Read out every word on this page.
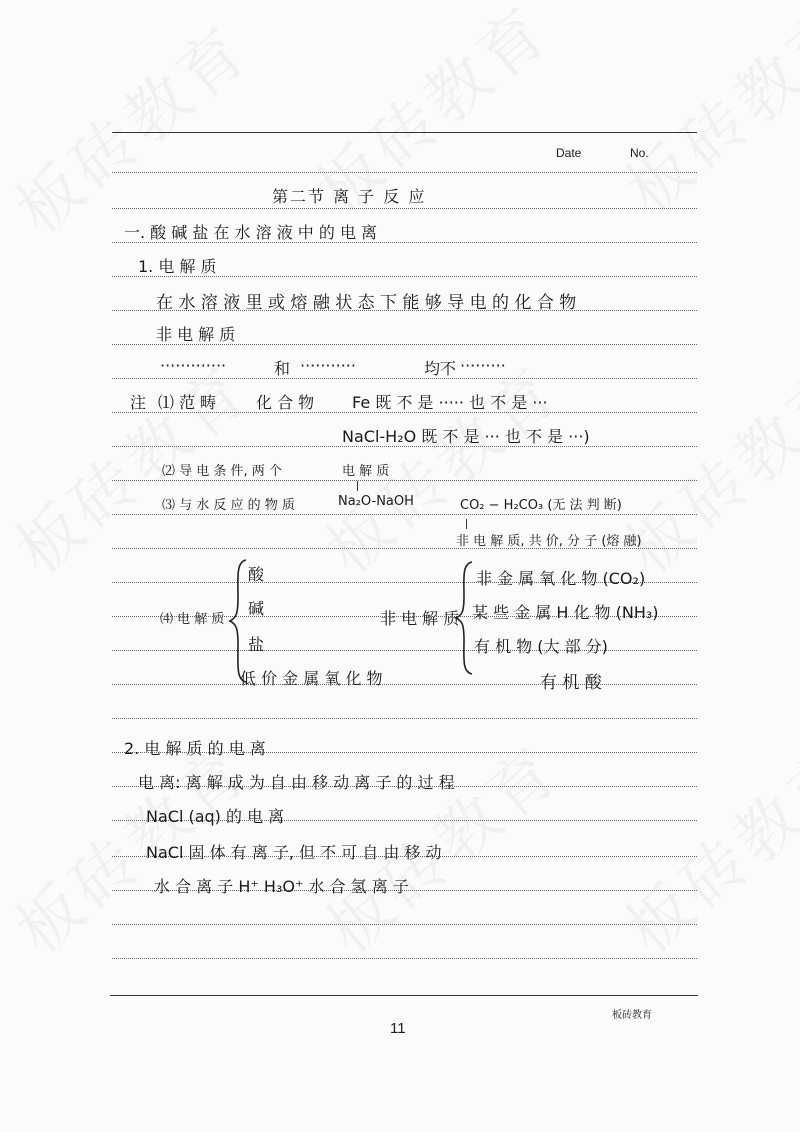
Date	No.
第二节 离 子 反 应
一. 酸 碱 盐 在 水 溶 液 中 的 电 离
1. 电 解 质
在 水 溶 液 里 或 熔 融 状 态 下 能 够 导 电 的 化 合 物
非 电 解 质
·············	和 ···········	均不 ·········
注 ⑴ 范 畴 化 合 物 Fe 既 不 是 ····· 也 不 是 ···
NaCl-H₂O 既 不 是 ··· 也 不 是 ···)
⑵ 导 电 条 件, 两 个	电 解 质
⑶ 与 水 反 应 的 物 质	Na₂O-NaOH	CO₂ − H₂CO₃ (无 法 判 断)
非 电 解 质, 共 价, 分 子 (熔 融)
⑷ 电 解 质
酸
碱
盐
低 价 金 属 氧 化 物
非 电 解 质
非 金 属 氧 化 物 (CO₂)
某 些 金 属 H 化 物 (NH₃)
有 机 物 (大 部 分)
有 机 酸
2. 电 解 质 的 电 离
电 离: 离 解 成 为 自 由 移 动 离 子 的 过 程
NaCl (aq) 的 电 离
NaCl 固 体 有 离 子, 但 不 可 自 由 移 动
水 合 离 子 H⁺ H₃O⁺ 水 合 氢 离 子
板砖教育
11
